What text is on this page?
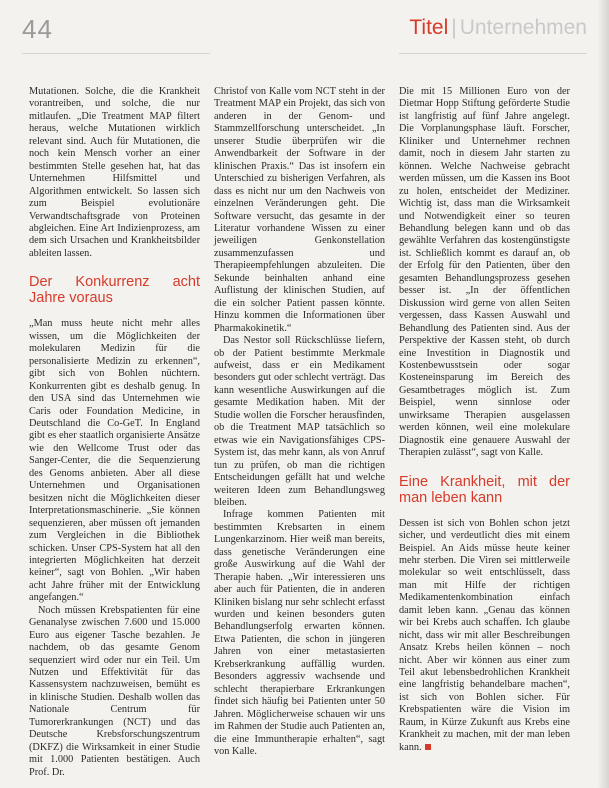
44	Titel | Unternehmen

Mutationen. Solche, die die Krankheit vorantreiben, und solche, die nur mitlaufen. „Die Treatment MAP filtert heraus, welche Mutationen wirklich relevant sind. Auch für Mutationen, die noch kein Mensch vorher an einer bestimmten Stelle gesehen hat, hat das Unternehmen Hilfsmittel und Algorithmen entwickelt. So lassen sich zum Beispiel evolutionäre Verwandtschaftsgrade von Proteinen abgleichen. Eine Art Indizienprozess, am dem sich Ursachen und Krankheitsbilder ableiten lassen.

Der Konkurrenz acht Jahre voraus

„Man muss heute nicht mehr alles wissen, um die Möglichkeiten der molekularen Medizin für die personalisierte Medizin zu erkennen“, gibt sich von Bohlen nüchtern. Konkurrenten gibt es deshalb genug. In den USA sind das Unternehmen wie Caris oder Foundation Medicine, in Deutschland die Co-GeT. In England gibt es eher staatlich organisierte Ansätze wie den Wellcome Trust oder das Sanger-Center, die die Sequenzierung des Genoms anbieten. Aber all diese Unternehmen und Organisationen besitzen nicht die Möglichkeiten dieser Interpretationsmaschinerie. „Sie können sequenzieren, aber müssen oft jemanden zum Vergleichen in die Bibliothek schicken. Unser CPS-System hat all den integrierten Möglichkeiten hat derzeit keiner“, sagt von Bohlen. „Wir haben acht Jahre früher mit der Entwicklung angefangen.“

Noch müssen Krebspatienten für eine Genanalyse zwischen 7.600 und 15.000 Euro aus eigener Tasche bezahlen. Je nachdem, ob das gesamte Genom sequenziert wird oder nur ein Teil. Um Nutzen und Effektivität für das Kassensystem nachzuweisen, bemüht es in klinische Studien. Deshalb wollen das Nationale Centrum für Tumorerkrankungen (NCT) und das Deutsche Krebsforschungszentrum (DKFZ) die Wirksamkeit in einer Studie mit 1.000 Patienten bestätigen. Auch Prof. Dr.

Christof von Kalle vom NCT steht in der Treatment MAP ein Projekt, das sich von anderen in der Genom- und Stammzellforschung unterscheidet. „In unserer Studie überprüfen wir die Anwendbarkeit der Software in der klinischen Praxis.“ Das ist insofern ein Unterschied zu bisherigen Verfahren, als dass es nicht nur um den Nachweis von einzelnen Veränderungen geht. Die Software versucht, das gesamte in der Literatur vorhandene Wissen zu einer jeweiligen Genkonstellation zusammenzufassen und Therapieempfehlungen abzuleiten. Die Sekunde beinhalten anhand eine Auflistung der klinischen Studien, auf die ein solcher Patient passen könnte. Hinzu kommen die Informationen über Pharmakokinetik.“

Das Nestor soll Rückschlüsse liefern, ob der Patient bestimmte Merkmale aufweist, dass er ein Medikament besonders gut oder schlecht verträgt. Das kann wesentliche Auswirkungen auf die gesamte Medikation haben. Mit der Studie wollen die Forscher herausfinden, ob die Treatment MAP tatsächlich so etwas wie ein Navigationsfähiges CPS-System ist, das mehr kann, als von Anruf tun zu prüfen, ob man die richtigen Entscheidungen gefällt hat und welche weiteren Ideen zum Behandlungsweg bleiben.

Infrage kommen Patienten mit bestimmten Krebsarten in einem Lungenkarzinom. Hier weiß man bereits, dass genetische Veränderungen eine große Auswirkung auf die Wahl der Therapie haben. „Wir interessieren uns aber auch für Patienten, die in anderen Kliniken bislang nur sehr schlecht erfasst wurden und keinen besonders guten Behandlungserfolg erwarten können. Etwa Patienten, die schon in jüngeren Jahren von einer metastasierten Krebserkrankung auffällig wurden. Besonders aggressiv wachsende und schlecht therapierbare Erkrankungen findet sich häufig bei Patienten unter 50 Jahren. Möglicherweise schauen wir uns im Rahmen der Studie auch Patienten an, die eine Immuntherapie erhalten“, sagt von Kalle.

Die mit 15 Millionen Euro von der Dietmar Hopp Stiftung geförderte Studie ist langfristig auf fünf Jahre angelegt. Die Vorplanungsphase läuft. Forscher, Kliniker und Unternehmer rechnen damit, noch in diesem Jahr starten zu können. Welche Nachweise gebracht werden müssen, um die Kassen ins Boot zu holen, entscheidet der Mediziner. Wichtig ist, dass man die Wirksamkeit und Notwendigkeit einer so teuren Behandlung belegen kann und ob das gewählte Verfahren das kostengünstigste ist. Schließlich kommt es darauf an, ob der Erfolg für den Patienten, über den gesamten Behandlungsprozess gesehen besser ist. „In der öffentlichen Diskussion wird gerne von allen Seiten vergessen, dass Kassen Auswahl und Behandlung des Patienten sind. Aus der Perspektive der Kassen steht, ob durch eine Investition in Diagnostik und Kostenbewusstsein oder sogar Kosteneinsparung im Bereich des Gesamtbetrages möglich ist. Zum Beispiel, wenn sinnlose oder unwirksame Therapien ausgelassen werden können, weil eine molekulare Diagnostik eine genauere Auswahl der Therapien zulässt“, sagt von Kalle.

Eine Krankheit, mit der man leben kann

Dessen ist sich von Bohlen schon jetzt sicher, und verdeutlicht dies mit einem Beispiel. An Aids müsse heute keiner mehr sterben. Die Viren sei mittlerweile molekular so weit entschlüsselt, dass man mit Hilfe der richtigen Medikamentenkombination einfach damit leben kann. „Genau das können wir bei Krebs auch schaffen. Ich glaube nicht, dass wir mit aller Beschreibungen Ansatz Krebs heilen können – noch nicht. Aber wir können aus einer zum Teil akut lebensbedrohlichen Krankheit eine langfristig behandelbare machen“, ist sich von Bohlen sicher. Für Krebspatienten wäre die Vision im Raum, in Kürze Zukunft aus Krebs eine Krankheit zu machen, mit der man leben kann.
